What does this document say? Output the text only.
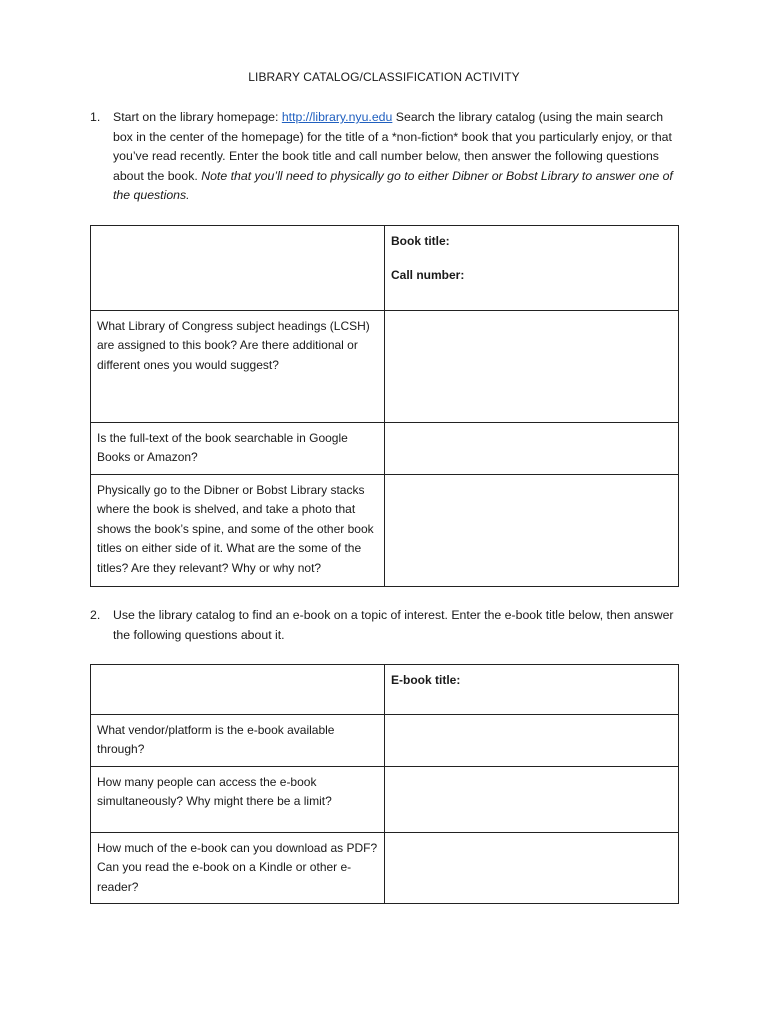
LIBRARY CATALOG/CLASSIFICATION ACTIVITY
1. Start on the library homepage: http://library.nyu.edu Search the library catalog (using the main search box in the center of the homepage) for the title of a *non-fiction* book that you particularly enjoy, or that you’ve read recently. Enter the book title and call number below, then answer the following questions about the book. Note that you’ll need to physically go to either Dibner or Bobst Library to answer one of the questions.

	Book title:
Call number:

What Library of Congress subject headings (LCSH) are assigned to this book? Are there additional or different ones you would suggest?	
Is the full-text of the book searchable in Google Books or Amazon?	
Physically go to the Dibner or Bobst Library stacks where the book is shelved, and take a photo that shows the book’s spine, and some of the other book titles on either side of it. What are the some of the titles? Are they relevant? Why or why not?	
2. Use the library catalog to find an e-book on a topic of interest. Enter the e-book title below, then answer the following questions about it.

	E-book title:

What vendor/platform is the e-book available through?	
How many people can access the e-book simultaneously? Why might there be a limit?	
How much of the e-book can you download as PDF? Can you read the e-book on a Kindle or other e-reader?	
